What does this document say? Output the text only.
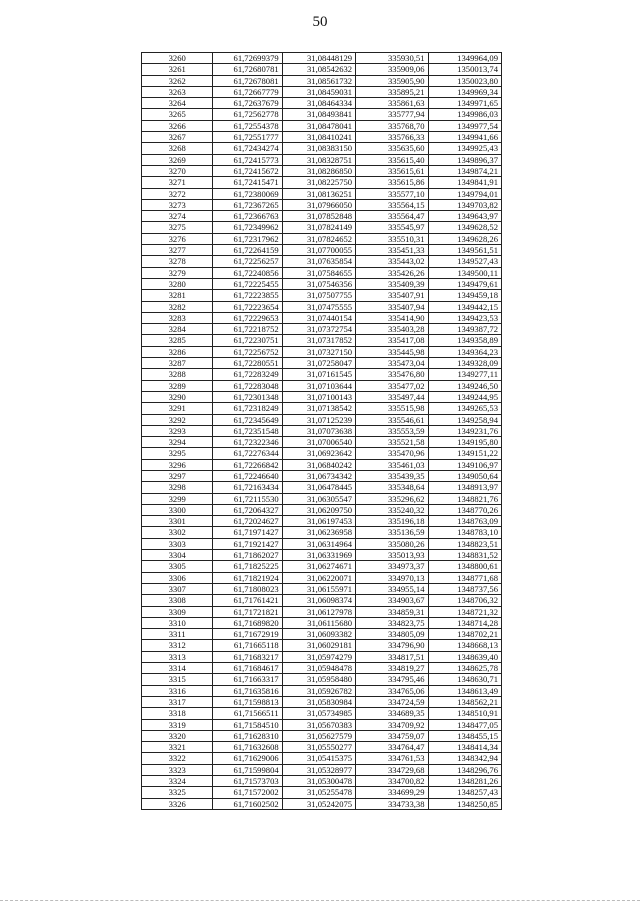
50
3260	61,72699379	31,08448129	335930,51	1349964,09
3261	61,72680781	31,08542632	335909,06	1350013,74
3262	61,72678081	31,08561732	335905,90	1350023,80
3263	61,72667779	31,08459031	335895,21	1349969,34
3264	61,72637679	31,08464334	335861,63	1349971,65
3265	61,72562778	31,08493841	335777,94	1349986,03
3266	61,72554378	31,08478041	335768,70	1349977,54
3267	61,72551777	31,08410241	335766,33	1349941,66
3268	61,72434274	31,08383150	335635,60	1349925,43
3269	61,72415773	31,08328751	335615,40	1349896,37
3270	61,72415672	31,08286850	335615,61	1349874,21
3271	61,72415471	31,08225750	335615,86	1349841,91
3272	61,72380069	31,08136251	335577,10	1349794,01
3273	61,72367265	31,07966050	335564,15	1349703,82
3274	61,72366763	31,07852848	335564,47	1349643,97
3275	61,72349962	31,07824149	335545,97	1349628,52
3276	61,72317962	31,07824652	335510,31	1349628,26
3277	61,72264159	31,07700055	335451,33	1349561,51
3278	61,72256257	31,07635854	335443,02	1349527,43
3279	61,72240856	31,07584655	335426,26	1349500,11
3280	61,72225455	31,07546356	335409,39	1349479,61
3281	61,72223855	31,07507755	335407,91	1349459,18
3282	61,72223654	31,07475555	335407,94	1349442,15
3283	61,72229653	31,07440154	335414,90	1349423,53
3284	61,72218752	31,07372754	335403,28	1349387,72
3285	61,72230751	31,07317852	335417,08	1349358,89
3286	61,72256752	31,07327150	335445,98	1349364,23
3287	61,72280551	31,07258047	335473,04	1349328,09
3288	61,72283249	31,07161545	335476,80	1349277,11
3289	61,72283048	31,07103644	335477,02	1349246,50
3290	61,72301348	31,07100143	335497,44	1349244,95
3291	61,72318249	31,07138542	335515,98	1349265,53
3292	61,72345649	31,07125239	335546,61	1349258,94
3293	61,72351548	31,07073638	335553,59	1349231,76
3294	61,72322346	31,07006540	335521,58	1349195,80
3295	61,72276344	31,06923642	335470,96	1349151,22
3296	61,72266842	31,06840242	335461,03	1349106,97
3297	61,72246640	31,06734342	335439,35	1349050,64
3298	61,72163434	31,06478445	335348,64	1348913,97
3299	61,72115530	31,06305547	335296,62	1348821,76
3300	61,72064327	31,06209750	335240,32	1348770,26
3301	61,72024627	31,06197453	335196,18	1348763,09
3302	61,71971427	31,06236958	335136,59	1348783,10
3303	61,71921427	31,06314964	335080,26	1348823,51
3304	61,71862027	31,06331969	335013,93	1348831,52
3305	61,71825225	31,06274671	334973,37	1348800,61
3306	61,71821924	31,06220071	334970,13	1348771,68
3307	61,71808023	31,06155971	334955,14	1348737,56
3308	61,71761421	31,06098374	334903,67	1348706,32
3309	61,71721821	31,06127978	334859,31	1348721,32
3310	61,71689820	31,06115680	334823,75	1348714,28
3311	61,71672919	31,06093382	334805,09	1348702,21
3312	61,71665118	31,06029181	334796,90	1348668,13
3313	61,71683217	31,05974279	334817,51	1348639,40
3314	61,71684617	31,05948478	334819,27	1348625,78
3315	61,71663317	31,05958480	334795,46	1348630,71
3316	61,71635816	31,05926782	334765,06	1348613,49
3317	61,71598813	31,05830984	334724,59	1348562,21
3318	61,71566511	31,05734985	334689,35	1348510,91
3319	61,71584510	31,05670383	334709,92	1348477,05
3320	61,71628310	31,05627579	334759,07	1348455,15
3321	61,71632608	31,05550277	334764,47	1348414,34
3322	61,71629006	31,05415375	334761,53	1348342,94
3323	61,71599804	31,05328977	334729,68	1348296,76
3324	61,71573703	31,05300478	334700,82	1348281,26
3325	61,71572002	31,05255478	334699,29	1348257,43
3326	61,71602502	31,05242075	334733,38	1348250,85
